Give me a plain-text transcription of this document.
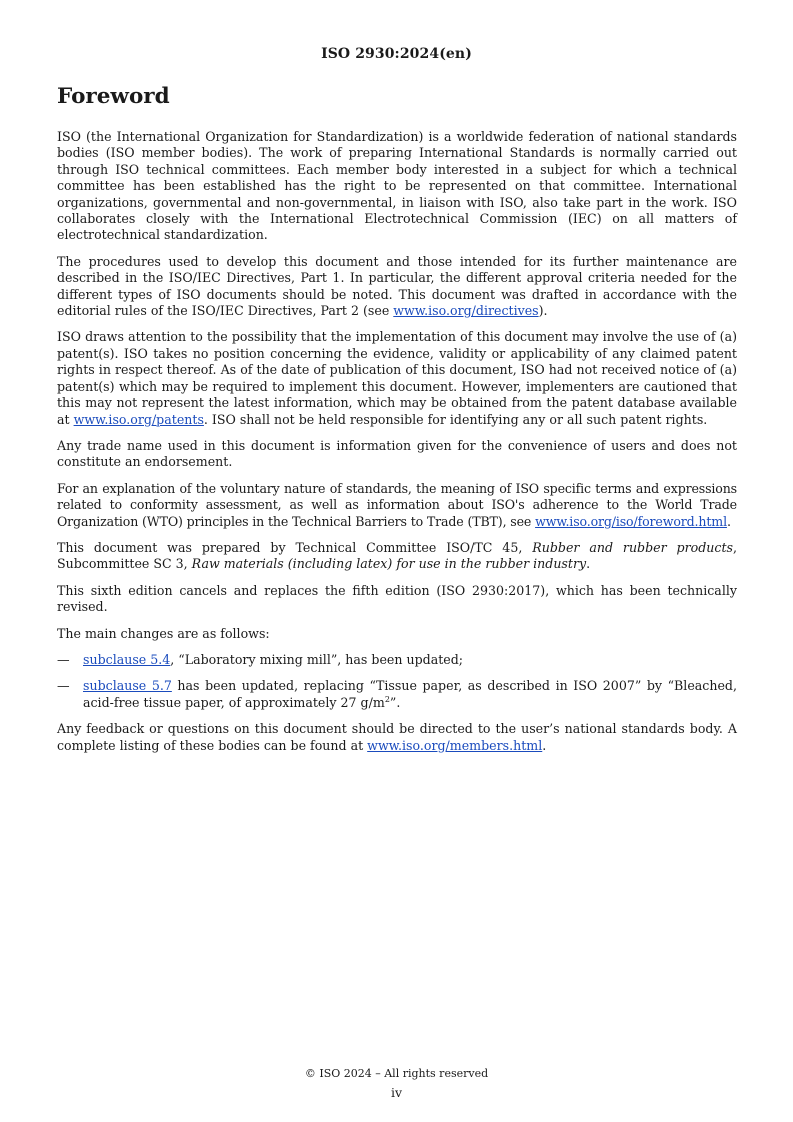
ISO 2930:2024(en)
Foreword

ISO (the International Organization for Standardization) is a worldwide federation of national standards bodies (ISO member bodies). The work of preparing International Standards is normally carried out through ISO technical committees. Each member body interested in a subject for which a technical committee has been established has the right to be represented on that committee. International organizations, governmental and non-governmental, in liaison with ISO, also take part in the work. ISO collaborates closely with the International Electrotechnical Commission (IEC) on all matters of electrotechnical standardization.

The procedures used to develop this document and those intended for its further maintenance are described in the ISO/IEC Directives, Part 1. In particular, the different approval criteria needed for the different types of ISO documents should be noted. This document was drafted in accordance with the editorial rules of the ISO/IEC Directives, Part 2 (see www.iso.org/directives).

ISO draws attention to the possibility that the implementation of this document may involve the use of (a) patent(s). ISO takes no position concerning the evidence, validity or applicability of any claimed patent rights in respect thereof. As of the date of publication of this document, ISO had not received notice of (a) patent(s) which may be required to implement this document. However, implementers are cautioned that this may not represent the latest information, which may be obtained from the patent database available at www.iso.org/patents. ISO shall not be held responsible for identifying any or all such patent rights.

Any trade name used in this document is information given for the convenience of users and does not constitute an endorsement.

For an explanation of the voluntary nature of standards, the meaning of ISO specific terms and expressions related to conformity assessment, as well as information about ISO's adherence to the World Trade Organization (WTO) principles in the Technical Barriers to Trade (TBT), see www.iso.org/iso/foreword.html.

This document was prepared by Technical Committee ISO/TC 45, Rubber and rubber products, Subcommittee SC 3, Raw materials (including latex) for use in the rubber industry.

This sixth edition cancels and replaces the fifth edition (ISO 2930:2017), which has been technically revised.

The main changes are as follows:

— subclause 5.4, “Laboratory mixing mill”, has been updated;
— subclause 5.7 has been updated, replacing “Tissue paper, as described in ISO 2007” by “Bleached, acid-free tissue paper, of approximately 27 $g/m^2$”.

Any feedback or questions on this document should be directed to the user’s national standards body. A complete listing of these bodies can be found at www.iso.org/members.html.

© ISO 2024 – All rights reserved
iv
